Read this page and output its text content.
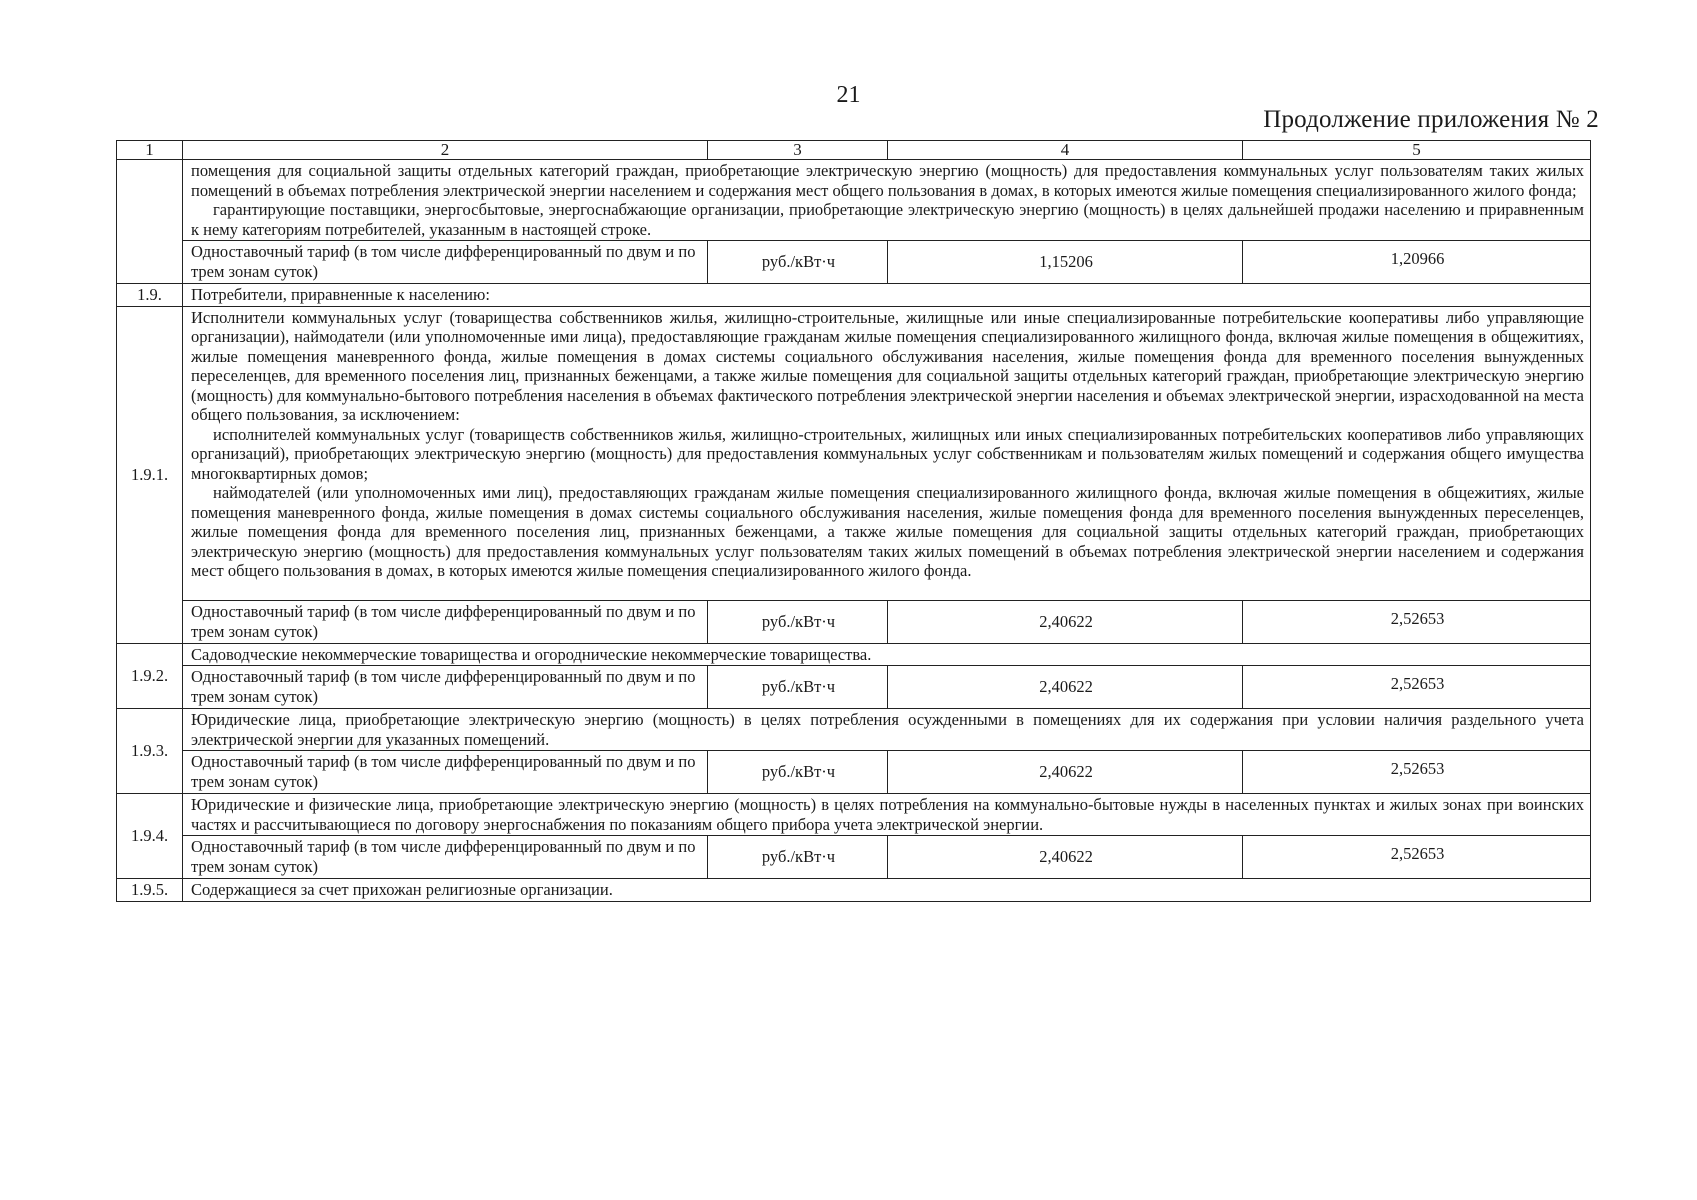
21
Продолжение приложения № 2
1	2	3	4	5

	помещения для социальной защиты отдельных категорий граждан, приобретающие электрическую энергию (мощность) для предоставления коммунальных услуг пользователям таких жилых помещений в объемах потребления электрической энергии населением и содержания мест общего пользования в домах, в которых имеются жилые помещения специализированного жилого фонда;

гарантирующие поставщики, энергосбытовые, энергоснабжающие организации, приобретающие электрическую энергию (мощность) в целях дальнейшей продажи населению и приравненным к нему категориям потребителей, указанным в настоящей строке.			

	Одноставочный тариф (в том числе дифференцированный по двум и по трем зонам суток)	руб./кВт·ч	1,15206	1,20966
1.9.	Потребители, приравненные к населению:			
1.9.1.	Исполнители коммунальных услуг (товарищества собственников жилья, жилищно-строительные, жилищные или иные специализированные потребительские кооперативы либо управляющие организации), наймодатели (или уполномоченные ими лица), предоставляющие гражданам жилые помещения специализированного жилищного фонда, включая жилые помещения в общежитиях, жилые помещения маневренного фонда, жилые помещения в домах системы социального обслуживания населения, жилые помещения фонда для временного поселения вынужденных переселенцев, для временного поселения лиц, признанных беженцами, а также жилые помещения для социальной защиты отдельных категорий граждан, приобретающие электрическую энергию (мощность) для коммунально-бытового потребления населения в объемах фактического потребления электрической энергии населения и объемах электрической энергии, израсходованной на места общего пользования, за исключением:

исполнителей коммунальных услуг (товариществ собственников жилья, жилищно-строительных, жилищных или иных специализированных потребительских кооперативов либо управляющих организаций), приобретающих электрическую энергию (мощность) для предоставления коммунальных услуг собственникам и пользователям жилых помещений и содержания общего имущества многоквартирных домов;

наймодателей (или уполномоченных ими лиц), предоставляющих гражданам жилые помещения специализированного жилищного фонда, включая жилые помещения в общежитиях, жилые помещения маневренного фонда, жилые помещения в домах системы социального обслуживания населения, жилые помещения фонда для временного поселения вынужденных переселенцев, жилые помещения фонда для временного поселения лиц, признанных беженцами, а также жилые помещения для социальной защиты отдельных категорий граждан, приобретающих электрическую энергию (мощность) для предоставления коммунальных услуг пользователям таких жилых помещений в объемах потребления электрической энергии населением и содержания мест общего пользования в домах, в которых имеются жилые помещения специализированного жилого фонда.			

	Одноставочный тариф (в том числе дифференцированный по двум и по трем зонам суток)	руб./кВт·ч	2,40622	2,52653
1.9.2.	Садоводческие некоммерческие товарищества и огороднические некоммерческие товарищества.			
	Одноставочный тариф (в том числе дифференцированный по двум и по трем зонам суток)	руб./кВт·ч	2,40622	2,52653
1.9.3.	Юридические лица, приобретающие электрическую энергию (мощность) в целях потребления осужденными в помещениях для их содержания при условии наличия раздельного учета электрической энергии для указанных помещений.			
	Одноставочный тариф (в том числе дифференцированный по двум и по трем зонам суток)	руб./кВт·ч	2,40622	2,52653
1.9.4.	Юридические и физические лица, приобретающие электрическую энергию (мощность) в целях потребления на коммунально-бытовые нужды в населенных пунктах и жилых зонах при воинских частях и рассчитывающиеся по договору энергоснабжения по показаниям общего прибора учета электрической энергии.			
	Одноставочный тариф (в том числе дифференцированный по двум и по трем зонам суток)	руб./кВт·ч	2,40622	2,52653
1.9.5.	Содержащиеся за счет прихожан религиозные организации.			
